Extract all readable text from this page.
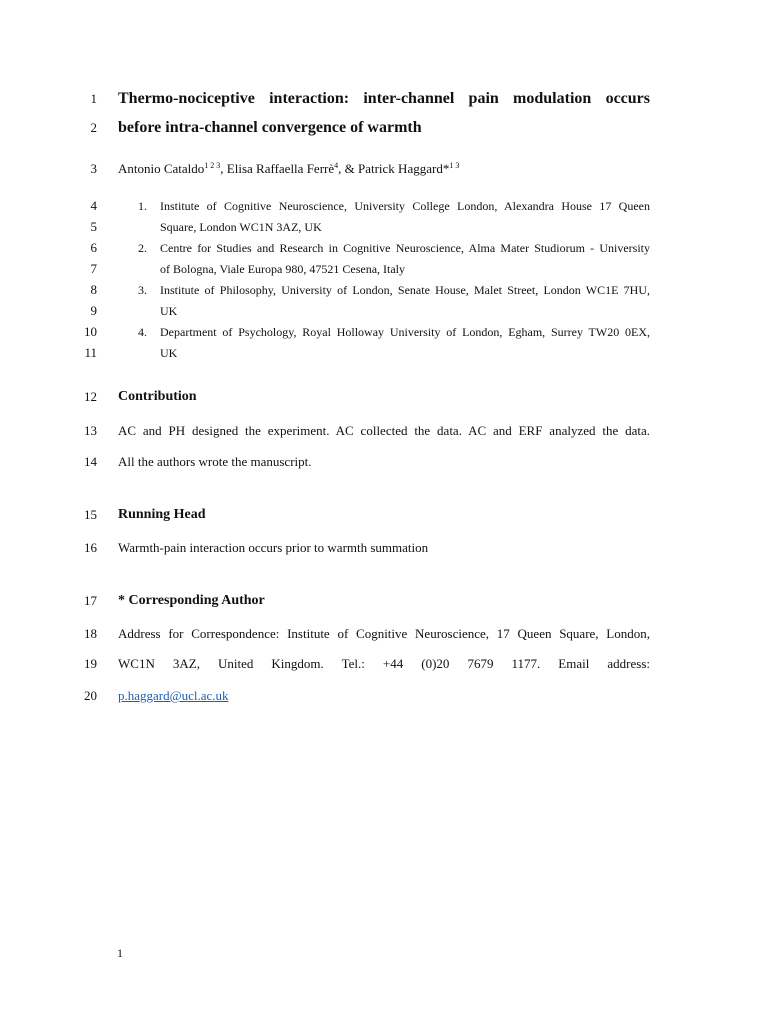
1
2
3
4
5
6
7
8
9
10
11
12
13
14
15
16
17
18
19
20
Thermo-nociceptive interaction: inter-channel pain modulation occurs
before intra-channel convergence of warmth
Antonio Cataldo$^{1 2 3}$, Elisa Raffaella Ferrè$^4$, & Patrick Haggard*$^{1 3}$
1. Institute of Cognitive Neuroscience, University College London, Alexandra House 17 Queen
Square, London WC1N 3AZ, UK
2. Centre for Studies and Research in Cognitive Neuroscience, Alma Mater Studiorum - University
of Bologna, Viale Europa 980, 47521 Cesena, Italy
3. Institute of Philosophy, University of London, Senate House, Malet Street, London WC1E 7HU,
UK
4. Department of Psychology, Royal Holloway University of London, Egham, Surrey TW20 0EX,
UK
Contribution
AC and PH designed the experiment. AC collected the data. AC and ERF analyzed the data.
All the authors wrote the manuscript.
Running Head
Warmth-pain interaction occurs prior to warmth summation
* Corresponding Author
Address for Correspondence: Institute of Cognitive Neuroscience, 17 Queen Square, London,
WC1N 3AZ, United Kingdom. Tel.: +44 (0)20 7679 1177. Email address:
p.haggard@ucl.ac.uk
1
